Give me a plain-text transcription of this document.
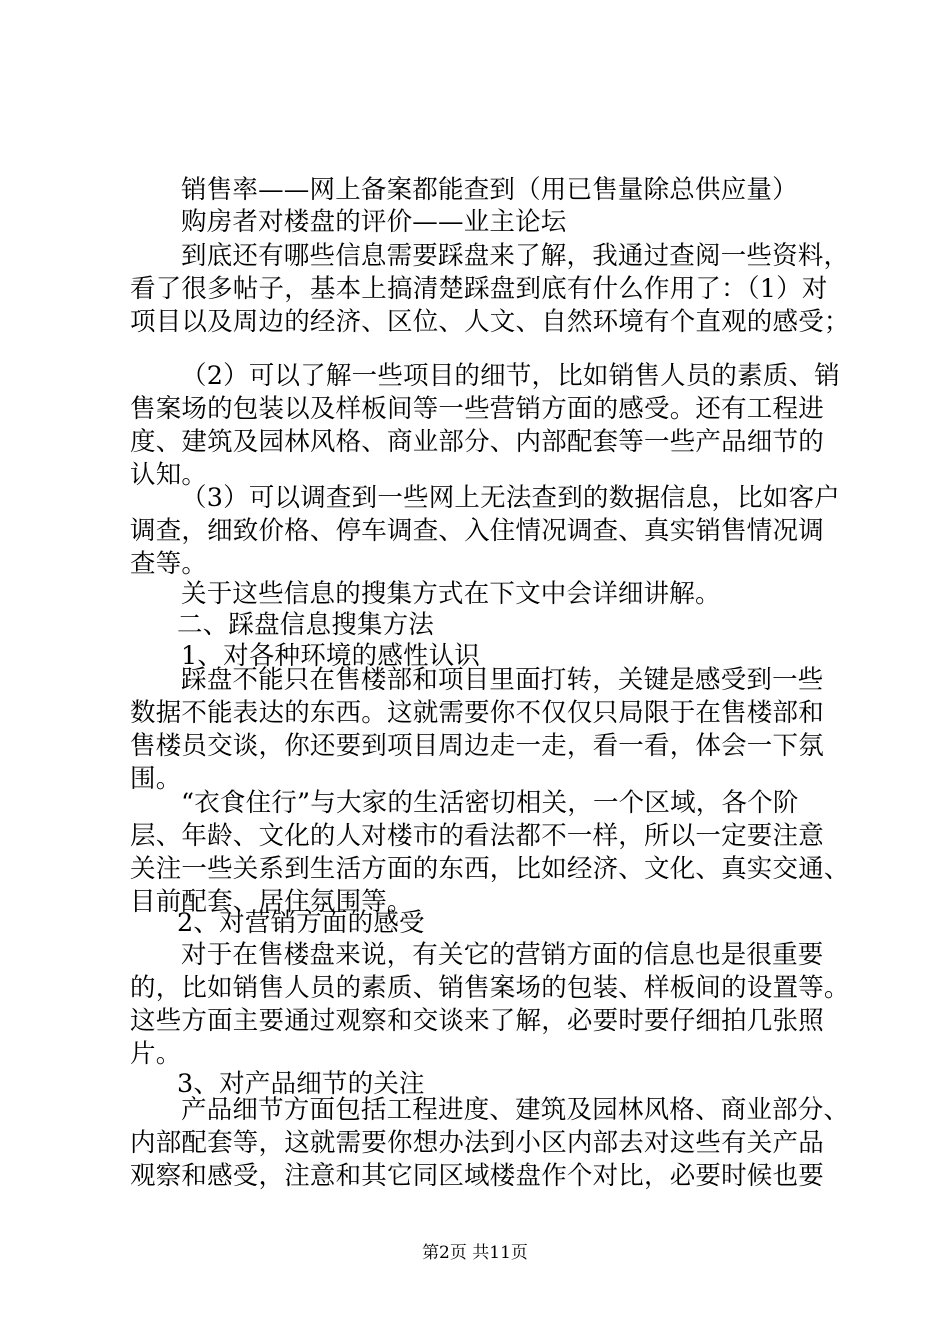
销售率——网上备案都能查到（用已售量除总供应量）
购房者对楼盘的评价——业主论坛
到底还有哪些信息需要踩盘来了解，我通过查阅一些资料，
看了很多帖子，基本上搞清楚踩盘到底有什么作用了：（1）对
项目以及周边的经济、区位、人文、自然环境有个直观的感受；
（2）可以了解一些项目的细节，比如销售人员的素质、销
售案场的包装以及样板间等一些营销方面的感受。还有工程进
度、建筑及园林风格、商业部分、内部配套等一些产品细节的
认知。
（3）可以调查到一些网上无法查到的数据信息，比如客户
调查，细致价格、停车调查、入住情况调查、真实销售情况调
查等。
关于这些信息的搜集方式在下文中会详细讲解。
二、踩盘信息搜集方法
1、对各种环境的感性认识
踩盘不能只在售楼部和项目里面打转，关键是感受到一些
数据不能表达的东西。这就需要你不仅仅只局限于在售楼部和
售楼员交谈，你还要到项目周边走一走，看一看，体会一下氛
围。
“衣食住行”与大家的生活密切相关，一个区域，各个阶
层、年龄、文化的人对楼市的看法都不一样，所以一定要注意
关注一些关系到生活方面的东西，比如经济、文化、真实交通、
目前配套、居住氛围等。
2、对营销方面的感受
对于在售楼盘来说，有关它的营销方面的信息也是很重要
的，比如销售人员的素质、销售案场的包装、样板间的设置等。
这些方面主要通过观察和交谈来了解，必要时要仔细拍几张照
片。
3、对产品细节的关注
产品细节方面包括工程进度、建筑及园林风格、商业部分、
内部配套等，这就需要你想办法到小区内部去对这些有关产品
观察和感受，注意和其它同区域楼盘作个对比，必要时候也要
第2页 共11页
